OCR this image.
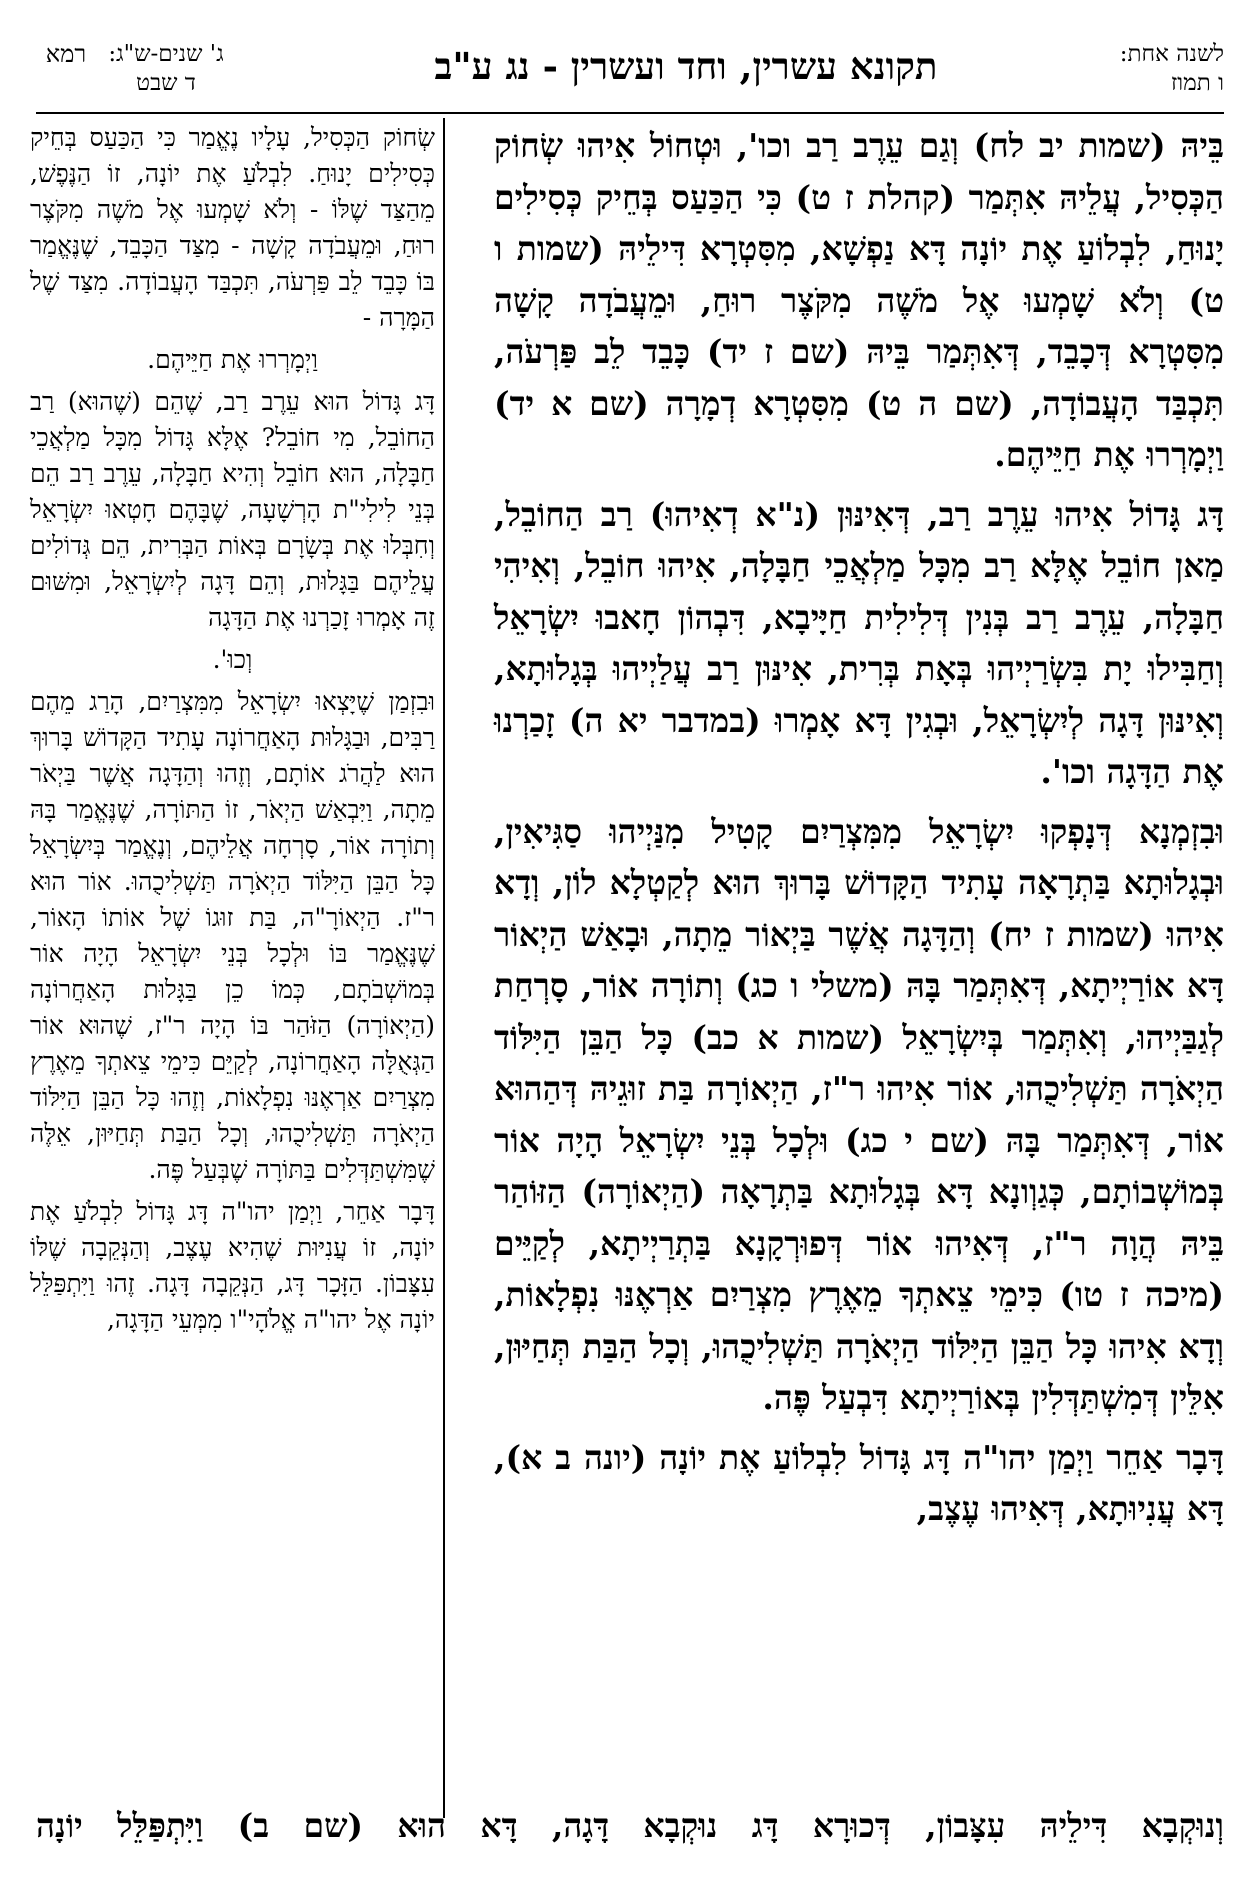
לשנה אחת:
ו תמוז
תקונא עשרין, וחד ועשרין - נג ע"ב
ג' שנים-ש"ג:
ד שבט
רמא

בֵּיהּ (שמות יב לח) וְגַם עֵרֶב רַב וכו', וּטְחוֹל אִיהוּ שְׂחוֹק הַכְּסִיל, עֲלֵיהּ אִתְּמַר (קהלת ז ט) כִּי הַכַּעַס בְּחֵיק כְּסִילִים יָנוּחַ, לִבְלוֹעַ אֶת יוֹנָה דָּא נַפְשָׁא, מִסִּטְרָא דִּילֵיהּ (שמות ו ט) וְלֹא שָׁמְעוּ אֶל מֹשֶׁה מִקֹּצֶר רוּחַ, וּמֵעֲבֹדָה קָשָׁה מִסִּטְרָא דְּכָבֵד, דְּאִתְּמַר בֵּיהּ (שם ז יד) כָּבֵד לֵב פַּרְעֹה, תִּכְבַּד הָעֲבוֹדָה, (שם ה ט) מִסִּטְרָא דְמָרָה (שם א יד) וַיְמָרְרוּ אֶת חַיֵּיהֶם.

דָּג גָּדוֹל אִיהוּ עֵרֶב רַב, דְּאִינּוּן (נ"א דְאִיהוּ) רַב הַחוֹבֵל, מַאן חוֹבֵל אֶלָּא רַב מִכָּל מַלְאֲכֵי חַבָּלָה, אִיהוּ חוֹבֵל, וְאִיהִי חַבָּלָה, עֵרֶב רַב בְּנִין דְּלִילִית חַיָּיבָא, דִּבְהוֹן חָאבוּ יִשְׂרָאֵל וְחַבִּילוּ יָת בִּשְׂרַיְיהוּ בְּאָת בְּרִית, אִינּוּן רַב עֲלַיְיהוּ בְּגָלוּתָא, וְאִינּוּן דָּגָה לְיִשְׂרָאֵל, וּבְגִין דָּא אָמְרוּ (במדבר יא ה) זָכַרְנוּ אֶת הַדָּגָה וכו'.

וּבִזְמְנָא דְּנָפְקוּ יִשְׂרָאֵל מִמִּצְרַיִם קָטִיל מִנַּיְיהוּ סַגִּיאִין, וּבְגָלוּתָא בַּתְרָאָה עָתִיד הַקָּדוֹשׁ בָּרוּךְ הוּא לְקַטְלָא לוֹן, וְדָא אִיהוּ (שמות ז יח) וְהַדָּגָה אֲשֶׁר בַּיְאוֹר מֵתָה, וּבָאַשׁ הַיְאוֹר דָּא אוֹרַיְיתָא, דְּאִתְּמַר בָּהּ (משלי ו כג) וְתוֹרָה אוֹר, סָרְחַת לְגַבַּיְיהוּ, וְאִתְּמַר בְּיִשְׂרָאֵל (שמות א כב) כָּל הַבֵּן הַיִּלּוֹד הַיְאֹרָה תַּשְׁלִיכֻהוּ, אוֹר אִיהוּ ר"ז, הַיְאוֹרָה בַּת זוּגֵיהּ דְּהַהוּא אוֹר, דְּאִתְּמַר בָּהּ (שם י כג) וּלְכָל בְּנֵי יִשְׂרָאֵל הָיָה אוֹר בְּמוֹשְׁבוֹתָם, כְּגַוְונָא דָּא בְּגָלוּתָא בַּתְרָאָה (הַיְאוֹרָה) הַזּוֹהַר בֵּיהּ הֲוָה ר"ז, דְּאִיהוּ אוֹר דְּפוּרְקָנָא בַּתְרַיְיתָא, לְקַיֵּים (מיכה ז טו) כִּימֵי צֵאתְךָ מֵאֶרֶץ מִצְרַיִם אַרְאֶנּוּ נִפְלָאוֹת, וְדָא אִיהוּ כָּל הַבֵּן הַיִּלּוֹד הַיְאֹרָה תַּשְׁלִיכֻהוּ, וְכָל הַבַּת תְּחַיּוּן, אִלֵּין דְּמִשְׁתַּדְּלִין בְּאוֹרַיְיתָא דִּבְעַל פֶּה.

דָּבָר אַחֵר וַיְמַן יהו"ה דָּג גָּדוֹל לִבְלוֹעַ אֶת יוֹנָה (יונה ב א), דָּא עֲנִיוּתָא, דְּאִיהוּ עֶצֶב,

שְׂחוֹק הַכְּסִיל, עָלָיו נֶאֱמַר כִּי הַכַּעַס בְּחֵיק כְּסִילִים יָנוּחַ. לִבְלֹעַ אֶת יוֹנָה, זוֹ הַנֶּפֶשׁ, מֵהַצַּד שֶׁלּוֹ - וְלֹא שָׁמְעוּ אֶל מֹשֶׁה מִקֹּצֶר רוּחַ, וּמֵעֲבֹדָה קָשָׁה - מִצַּד הַכָּבֵד, שֶׁנֶּאֱמַר בּוֹ כָּבֵד לֵב פַּרְעֹה, תִּכְבַּד הָעֲבוֹדָה. מִצַּד שֶׁל הַמָּרָה -

וַיְמָרְרוּ אֶת חַיֵּיהֶם.

דָּג גָּדוֹל הוּא עֵרֶב רַב, שֶׁהֵם (שֶׁהוּא) רַב הַחוֹבֵל, מִי חוֹבֵל? אֶלָּא גָּדוֹל מִכָּל מַלְאֲכֵי חַבָּלָה, הוּא חוֹבֵל וְהִיא חַבָּלָה, עֵרֶב רַב הֵם בְּנֵי לִילִי"ת הָרְשָׁעָה, שֶׁבָּהֶם חָטְאוּ יִשְׂרָאֵל וְחִבְּלוּ אֶת בְּשָׂרָם בְּאוֹת הַבְּרִית, הֵם גְּדוֹלִים עֲלֵיהֶם בַּגָּלוּת, וְהֵם דָּגָה לְיִשְׂרָאֵל, וּמִשּׁוּם זֶה אָמְרוּ זָכַרְנוּ אֶת הַדָּגָה

וְכוּ'.

וּבִזְמַן שֶׁיָּצְאוּ יִשְׂרָאֵל מִמִּצְרַיִם, הָרַג מֵהֶם רַבִּים, וּבַגָּלוּת הָאַחֲרוֹנָה עָתִיד הַקָּדוֹשׁ בָּרוּךְ הוּא לַהֲרֹג אוֹתָם, וְזֶהוּ וְהַדָּגָה אֲשֶׁר בַּיְאֹר מֵתָה, וַיִּבְאַשׁ הַיְאֹר, זוֹ הַתּוֹרָה, שֶׁנֶּאֱמַר בָּהּ וְתוֹרָה אוֹר, סָרְחָה אֲלֵיהֶם, וְנֶאֱמַר בְּיִשְׂרָאֵל כָּל הַבֵּן הַיִּלּוֹד הַיְאֹרָה תַּשְׁלִיכֻהוּ. אוֹר הוּא ר"ז. הַיְאוֹרָ"ה, בַּת זוּגוֹ שֶׁל אוֹתוֹ הָאוֹר, שֶׁנֶּאֱמַר בּוֹ וּלְכָל בְּנֵי יִשְׂרָאֵל הָיָה אוֹר בְּמוֹשְׁבֹתָם, כְּמוֹ כֵן בַּגָּלוּת הָאַחֲרוֹנָה (הַיְאוֹרָה) הַזֹּהַר בּוֹ הָיָה ר"ז, שֶׁהוּא אוֹר הַגְּאֻלָּה הָאַחֲרוֹנָה, לְקַיֵּם כִּימֵי צֵאתְךָ מֵאֶרֶץ מִצְרַיִם אַרְאֶנּוּ נִפְלָאוֹת, וְזֶהוּ כָּל הַבֵּן הַיִּלּוֹד הַיְאֹרָה תַּשְׁלִיכֻהוּ, וְכָל הַבַּת תְּחַיּוּן, אֵלֶּה שֶׁמִּשְׁתַּדְּלִים בַּתּוֹרָה שֶׁבְּעַל פֶּה.

דָּבָר אַחֵר, וַיְמַן יהו"ה דָּג גָּדוֹל לִבְלֹעַ אֶת יוֹנָה, זוֹ עֲנִיּוּת שֶׁהִיא עֶצֶב, וְהַנְּקֵבָה שֶׁלּוֹ עִצָּבוֹן. הַזָּכָר דָּג, הַנְּקֵבָה דָּגָה. זֶהוּ וַיִּתְפַּלֵּל יוֹנָה אֶל יהו"ה אֱלֹהָי"ו מִמְּעֵי הַדָּגָה,

וְנוּקְבָא דִּילֵיהּ עִצָּבוֹן, דְּכוּרָא דָּג נוּקְבָא דָּגָה, דָּא הוּא (שם ב) וַיִּתְפַּלֵּל יוֹנָה
